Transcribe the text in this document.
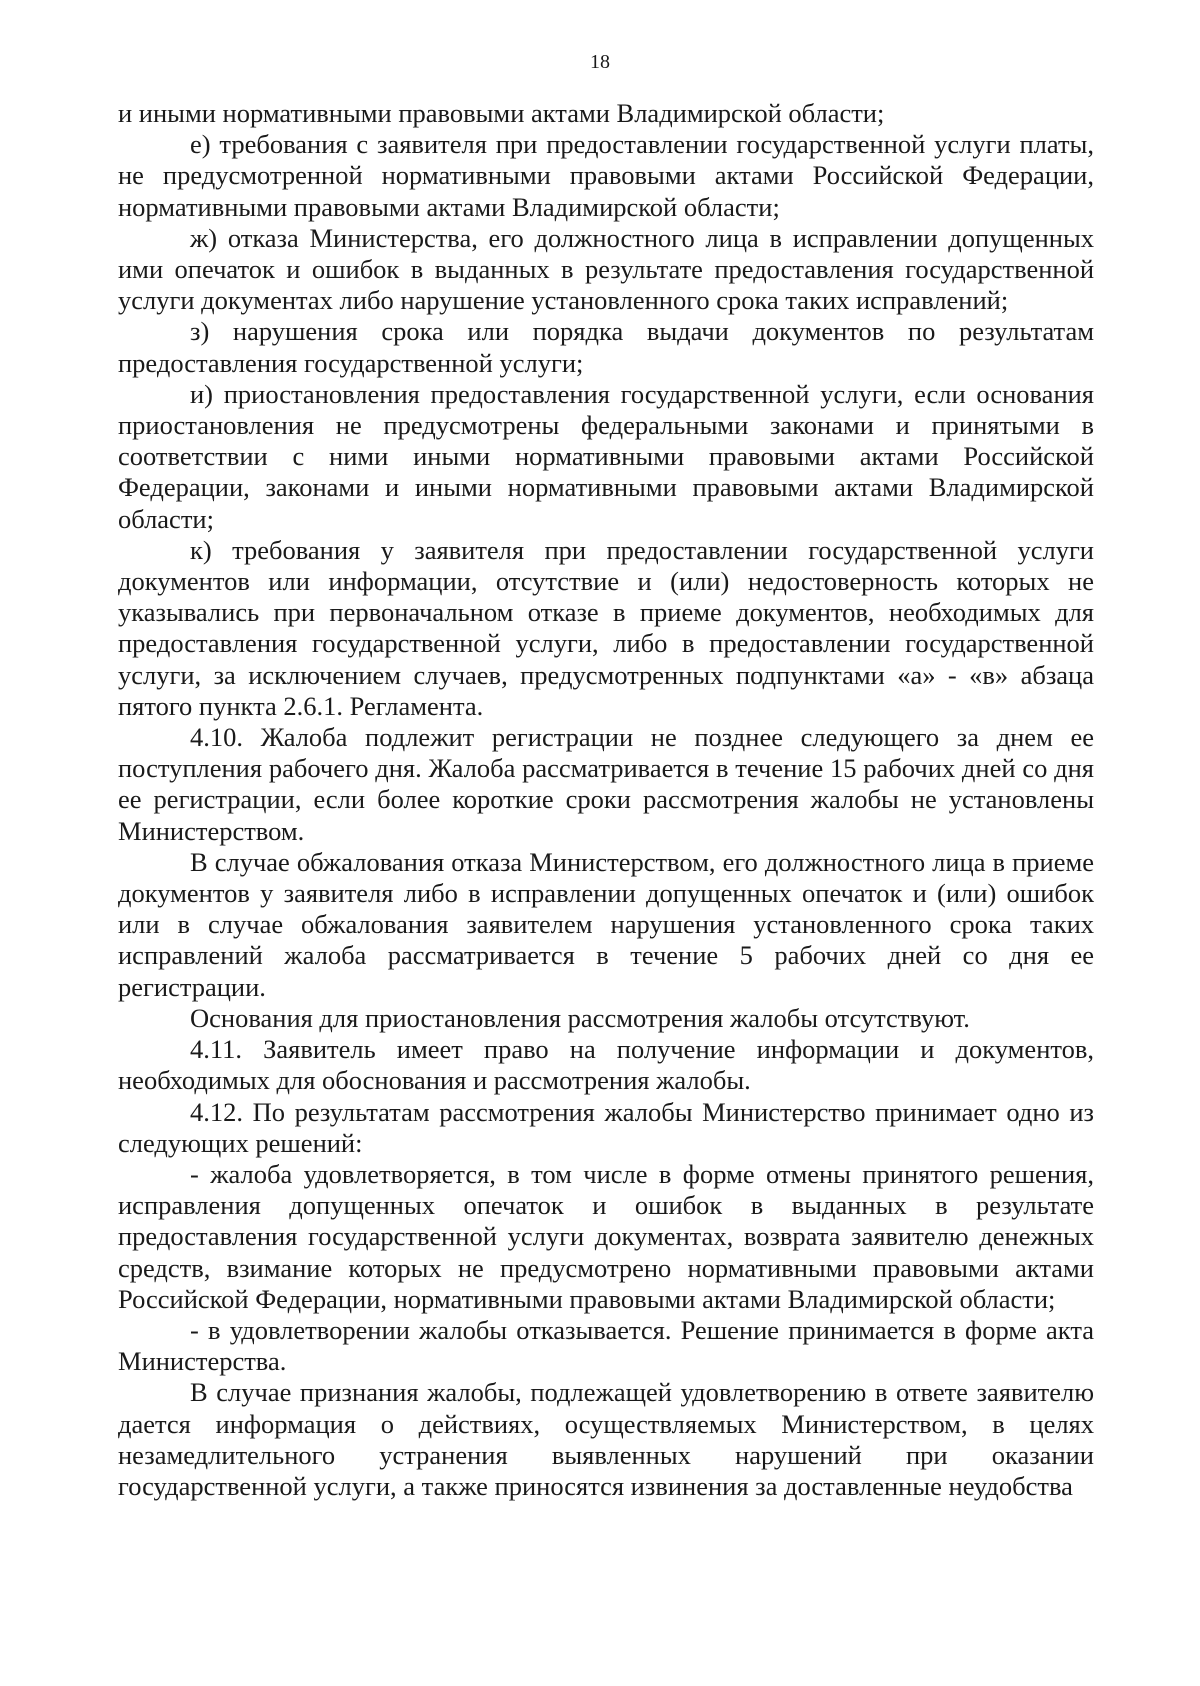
18

и иными нормативными правовыми актами Владимирской области;

е) требования с заявителя при предоставлении государственной услуги платы, не предусмотренной нормативными правовыми актами Российской Федерации, нормативными правовыми актами Владимирской области;

ж) отказа Министерства, его должностного лица в исправлении допущенных ими опечаток и ошибок в выданных в результате предоставления государственной услуги документах либо нарушение установленного срока таких исправлений;

з) нарушения срока или порядка выдачи документов по результатам предоставления государственной услуги;

и) приостановления предоставления государственной услуги, если основания приостановления не предусмотрены федеральными законами и принятыми в соответствии с ними иными нормативными правовыми актами Российской Федерации, законами и иными нормативными правовыми актами Владимирской области;

к) требования у заявителя при предоставлении государственной услуги документов или информации, отсутствие и (или) недостоверность которых не указывались при первоначальном отказе в приеме документов, необходимых для предоставления государственной услуги, либо в предоставлении государственной услуги, за исключением случаев, предусмотренных подпунктами «а» - «в» абзаца пятого пункта 2.6.1. Регламента.

4.10. Жалоба подлежит регистрации не позднее следующего за днем ее поступления рабочего дня. Жалоба рассматривается в течение 15 рабочих дней со дня ее регистрации, если более короткие сроки рассмотрения жалобы не установлены Министерством.

В случае обжалования отказа Министерством, его должностного лица в приеме документов у заявителя либо в исправлении допущенных опечаток и (или) ошибок или в случае обжалования заявителем нарушения установленного срока таких исправлений жалоба рассматривается в течение 5 рабочих дней со дня ее регистрации.

Основания для приостановления рассмотрения жалобы отсутствуют.

4.11. Заявитель имеет право на получение информации и документов, необходимых для обоснования и рассмотрения жалобы.

4.12. По результатам рассмотрения жалобы Министерство принимает одно из следующих решений:

- жалоба удовлетворяется, в том числе в форме отмены принятого решения, исправления допущенных опечаток и ошибок в выданных в результате предоставления государственной услуги документах, возврата заявителю денежных средств, взимание которых не предусмотрено нормативными правовыми актами Российской Федерации, нормативными правовыми актами Владимирской области;

- в удовлетворении жалобы отказывается. Решение принимается в форме акта Министерства.

В случае признания жалобы, подлежащей удовлетворению в ответе заявителю дается информация о действиях, осуществляемых Министерством, в целях незамедлительного устранения выявленных нарушений при оказании государственной услуги, а также приносятся извинения за доставленные неудобства
